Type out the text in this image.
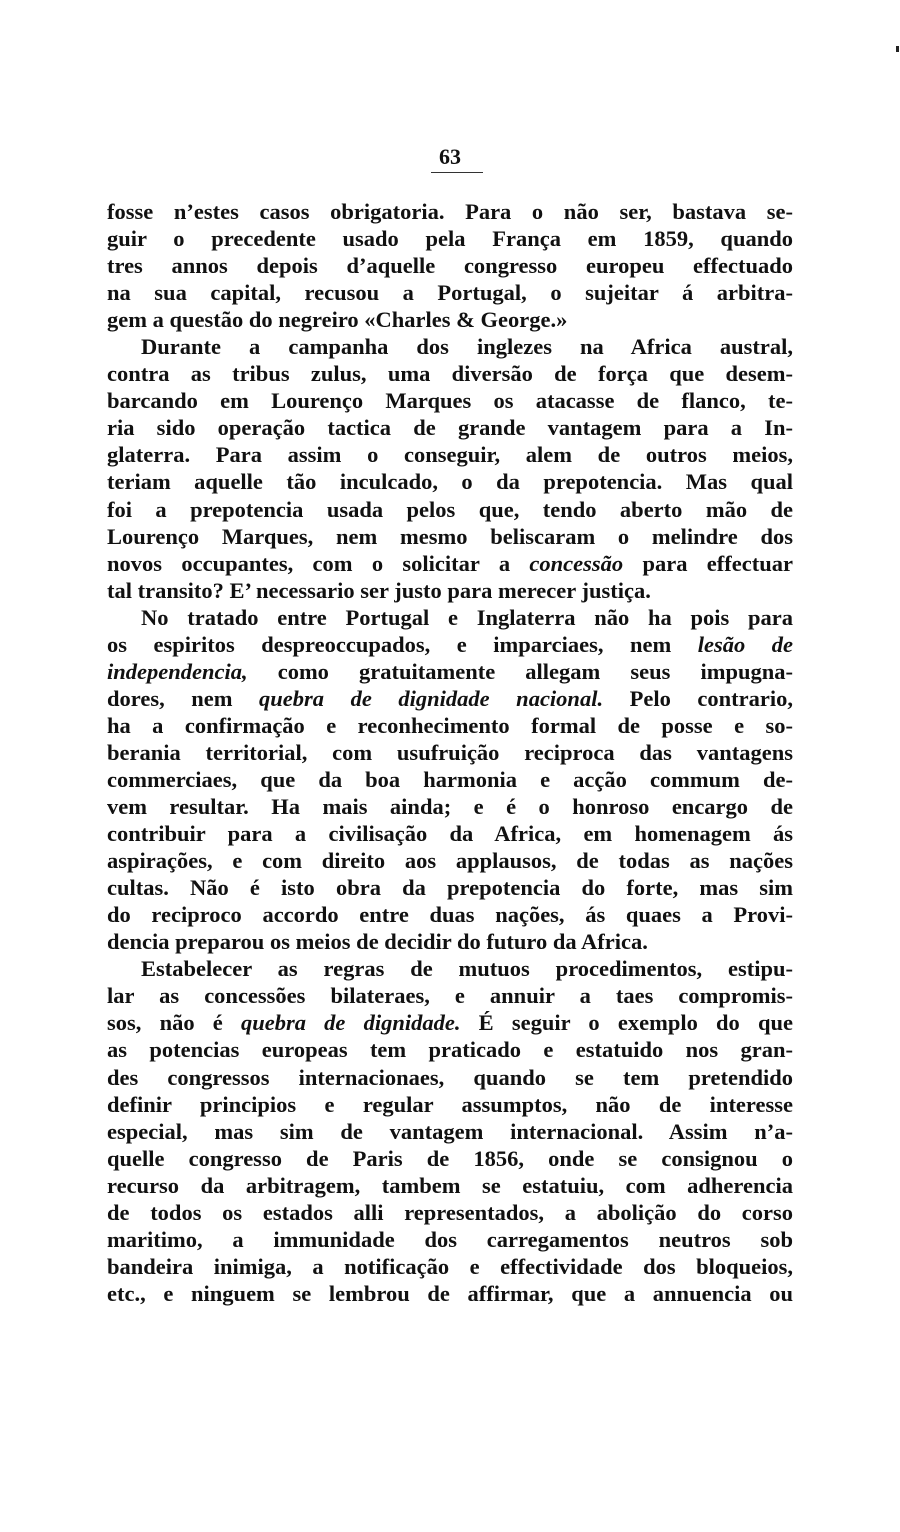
63
fosse n’estes casos obrigatoria. Para o não ser, bastava se-
guir o precedente usado pela França em 1859, quando
tres annos depois d’aquelle congresso europeu effectuado
na sua capital, recusou a Portugal, o sujeitar á arbitra-
gem a questão do negreiro «Charles & George.»
Durante a campanha dos inglezes na Africa austral,
contra as tribus zulus, uma diversão de força que desem-
barcando em Lourenço Marques os atacasse de flanco, te-
ria sido operação tactica de grande vantagem para a In-
glaterra. Para assim o conseguir, alem de outros meios,
teriam aquelle tão inculcado, o da prepotencia. Mas qual
foi a prepotencia usada pelos que, tendo aberto mão de
Lourenço Marques, nem mesmo beliscaram o melindre dos
novos occupantes, com o solicitar a concessão para effectuar
tal transito? E’ necessario ser justo para merecer justiça.
No tratado entre Portugal e Inglaterra não ha pois para
os espiritos despreoccupados, e imparciaes, nem lesão de
independencia, como gratuitamente allegam seus impugna-
dores, nem quebra de dignidade nacional. Pelo contrario,
ha a confirmação e reconhecimento formal de posse e so-
berania territorial, com usufruição reciproca das vantagens
commerciaes, que da boa harmonia e acção commum de-
vem resultar. Ha mais ainda; e é o honroso encargo de
contribuir para a civilisação da Africa, em homenagem ás
aspirações, e com direito aos applausos, de todas as nações
cultas. Não é isto obra da prepotencia do forte, mas sim
do reciproco accordo entre duas nações, ás quaes a Provi-
dencia preparou os meios de decidir do futuro da Africa.
Estabelecer as regras de mutuos procedimentos, estipu-
lar as concessões bilateraes, e annuir a taes compromis-
sos, não é quebra de dignidade. É seguir o exemplo do que
as potencias europeas tem praticado e estatuido nos gran-
des congressos internacionaes, quando se tem pretendido
definir principios e regular assumptos, não de interesse
especial, mas sim de vantagem internacional. Assim n’a-
quelle congresso de Paris de 1856, onde se consignou o
recurso da arbitragem, tambem se estatuiu, com adherencia
de todos os estados alli representados, a abolição do corso
maritimo, a immunidade dos carregamentos neutros sob
bandeira inimiga, a notificação e effectividade dos bloqueios,
etc., e ninguem se lembrou de affirmar, que a annuencia ou
